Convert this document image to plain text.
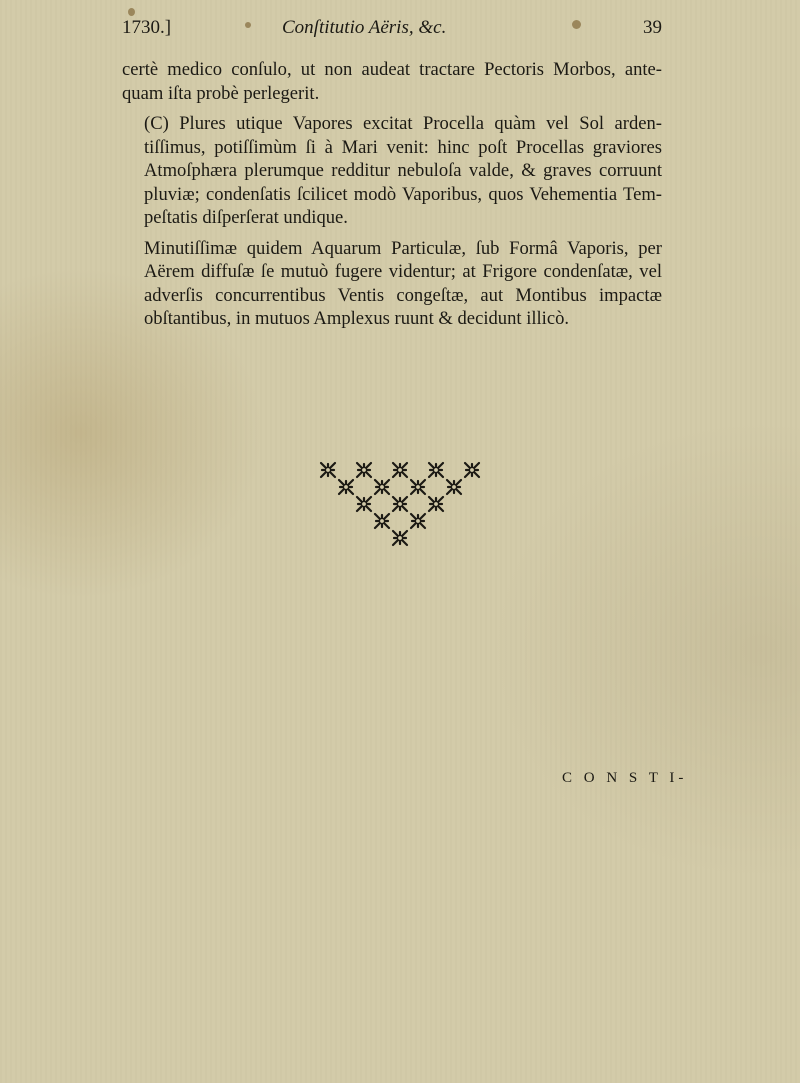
1730.]	Conſtitutio Aëris, &c.	39

certè medico conſulo, ut non audeat tractare Pectoris Morbos, ante-
quam iſta probè perlegerit.

(C) Plures utique Vapores excitat Procella quàm vel Sol arden-
tiſſimus, potiſſimùm ſi à Mari venit: hinc poſt Procellas graviores
Atmoſphæra plerumque redditur nebuloſa valde, & graves corruunt
pluviæ; condenſatis ſcilicet modò Vaporibus, quos Vehementia Tem-
peſtatis diſperſerat undique.

Minutiſſimæ quidem Aquarum Particulæ, ſub Formâ Vaporis, per
Aërem diffuſæ ſe mutuò fugere videntur; at Frigore condenſatæ, vel
adverſis concurrentibus Ventis congeſtæ, aut Montibus impactæ
obſtantibus, in mutuos Amplexus ruunt & decidunt illicò.

C O N S T I-
